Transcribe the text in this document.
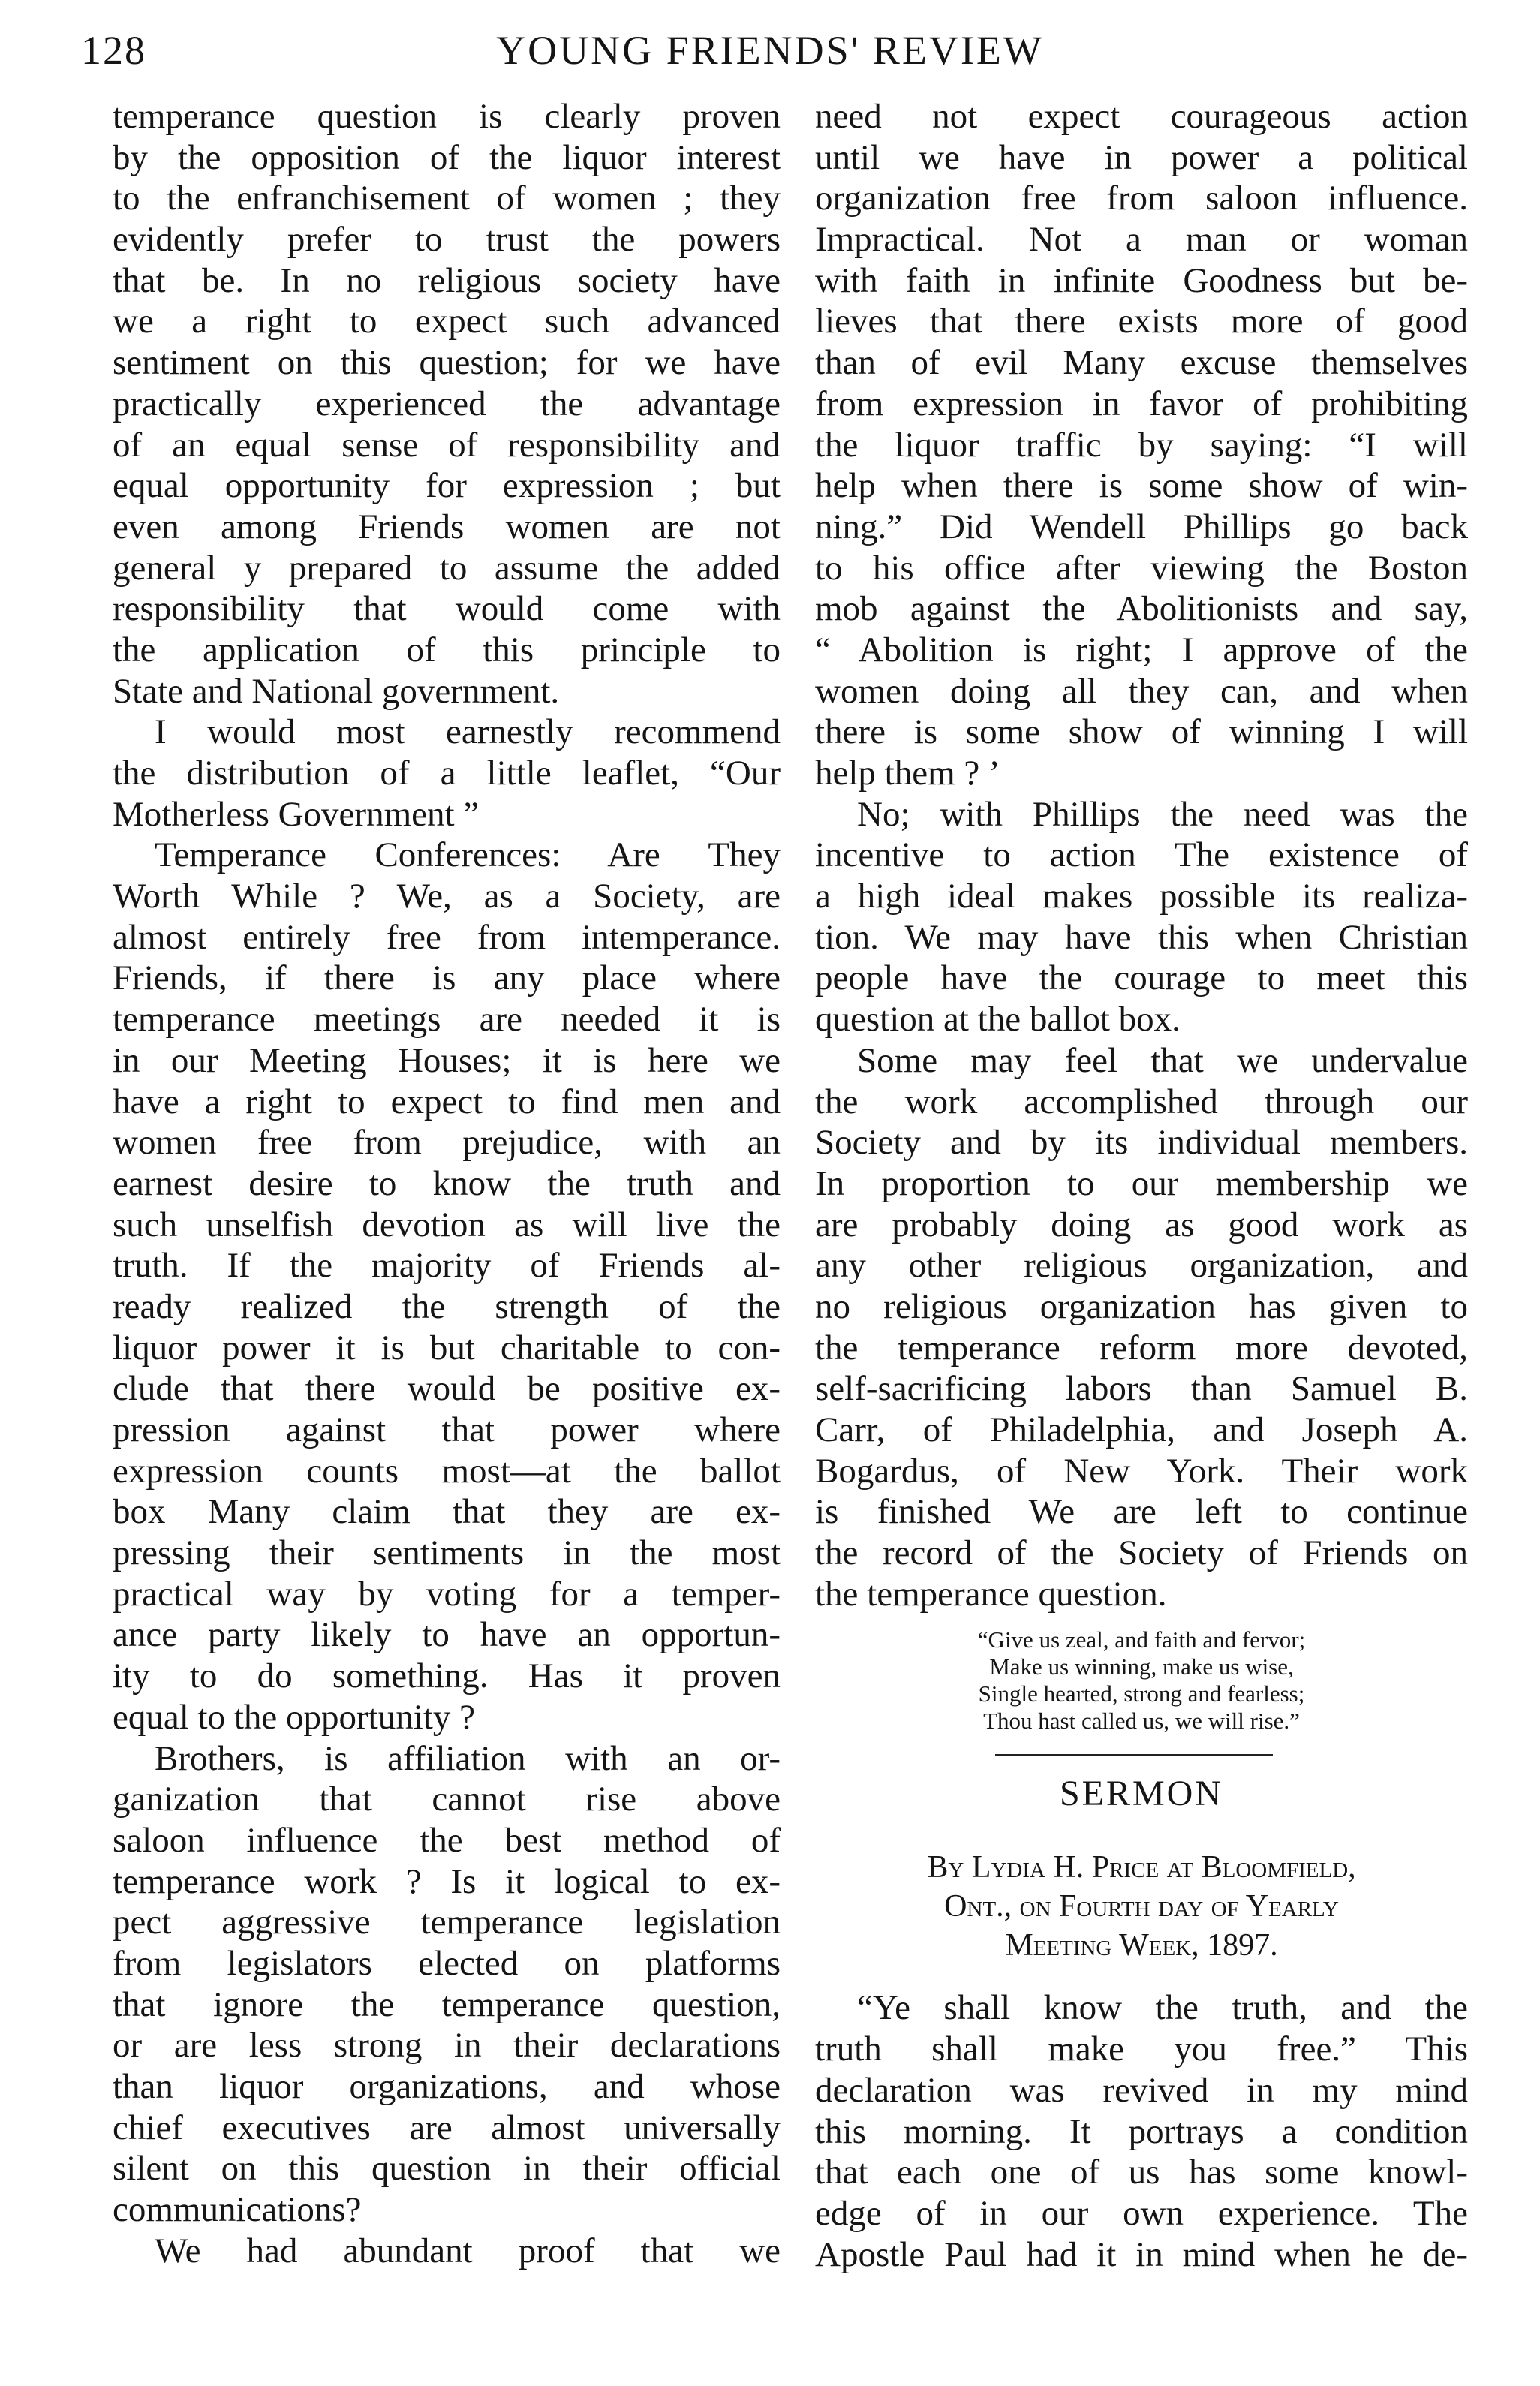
128	YOUNG FRIENDS' REVIEW
temperance question is clearly proven
by the opposition of the liquor interest
to the enfranchisement of women ; they
evidently prefer to trust the powers
that be. In no religious society have
we a right to expect such advanced
sentiment on this question; for we have
practically experienced the advantage
of an equal sense of responsibility and
equal opportunity for expression ; but
even among Friends women are not
general y prepared to assume the added
responsibility that would come with
the application of this principle to
State and National government.
I would most earnestly recommend
the distribution of a little leaflet, “Our
Motherless Government ”
Temperance Conferences: Are They
Worth While ? We, as a Society, are
almost entirely free from intemperance.
Friends, if there is any place where
temperance meetings are needed it is
in our Meeting Houses; it is here we
have a right to expect to find men and
women free from prejudice, with an
earnest desire to know the truth and
such unselfish devotion as will live the
truth. If the majority of Friends al-
ready realized the strength of the
liquor power it is but charitable to con-
clude that there would be positive ex-
pression against that power where
expression counts most—at the ballot
box Many claim that they are ex-
pressing their sentiments in the most
practical way by voting for a temper-
ance party likely to have an opportun-
ity to do something. Has it proven
equal to the opportunity ?
Brothers, is affiliation with an or-
ganization that cannot rise above
saloon influence the best method of
temperance work ? Is it logical to ex-
pect aggressive temperance legislation
from legislators elected on platforms
that ignore the temperance question,
or are less strong in their declarations
than liquor organizations, and whose
chief executives are almost universally
silent on this question in their official
communications?
We had abundant proof that we
need not expect courageous action
until we have in power a political
organization free from saloon influence.
Impractical. Not a man or woman
with faith in infinite Goodness but be-
lieves that there exists more of good
than of evil Many excuse themselves
from expression in favor of prohibiting
the liquor traffic by saying: “I will
help when there is some show of win-
ning.” Did Wendell Phillips go back
to his office after viewing the Boston
mob against the Abolitionists and say,
“ Abolition is right; I approve of the
women doing all they can, and when
there is some show of winning I will
help them ? ’
No; with Phillips the need was the
incentive to action The existence of
a high ideal makes possible its realiza-
tion. We may have this when Christian
people have the courage to meet this
question at the ballot box.
Some may feel that we undervalue
the work accomplished through our
Society and by its individual members.
In proportion to our membership we
are probably doing as good work as
any other religious organization, and
no religious organization has given to
the temperance reform more devoted,
self-sacrificing labors than Samuel B.
Carr, of Philadelphia, and Joseph A.
Bogardus, of New York. Their work
is finished We are left to continue
the record of the Society of Friends on
the temperance question.
“Give us zeal, and faith and fervor;
Make us winning, make us wise,
Single hearted, strong and fearless;
Thou hast called us, we will rise.”
SERMON
By Lydia H. Price at Bloomfield,
Ont., on Fourth day of Yearly
Meeting Week, 1897.
“Ye shall know the truth, and the
truth shall make you free.” This
declaration was revived in my mind
this morning. It portrays a condition
that each one of us has some knowl-
edge of in our own experience. The
Apostle Paul had it in mind when he de-
